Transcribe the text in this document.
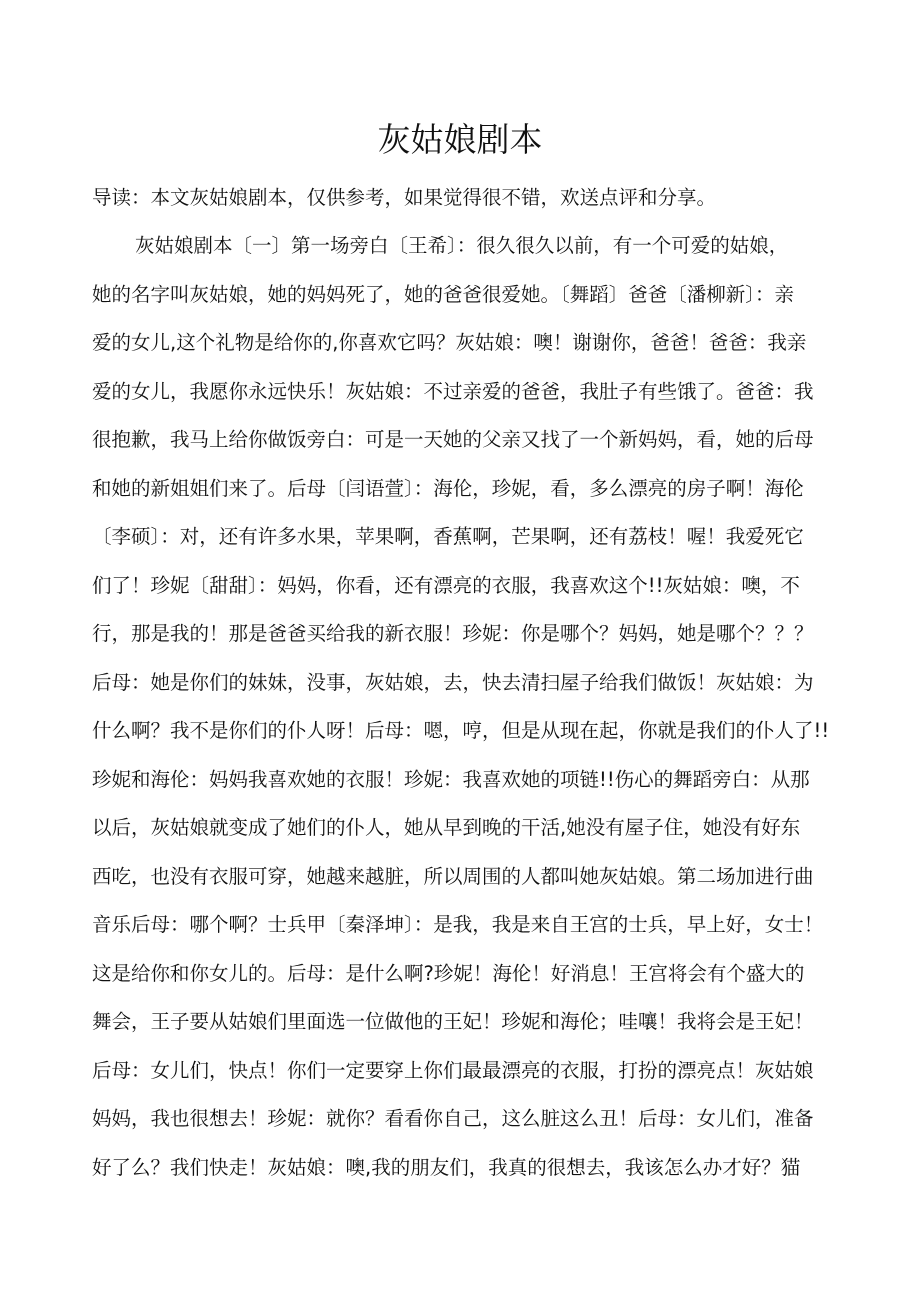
灰姑娘剧本

导读：本文灰姑娘剧本，仅供参考，如果觉得很不错，欢送点评和分享。

灰姑娘剧本〔一〕第一场旁白〔王希〕：很久很久以前，有一个可爱的姑娘，
她的名字叫灰姑娘，她的妈妈死了，她的爸爸很爱她。〔舞蹈〕爸爸〔潘柳新〕：亲
爱的女儿,这个礼物是给你的,你喜欢它吗？灰姑娘：噢！谢谢你，爸爸！爸爸：我亲
爱的女儿，我愿你永远快乐！灰姑娘：不过亲爱的爸爸，我肚子有些饿了。爸爸：我
很抱歉，我马上给你做饭旁白：可是一天她的父亲又找了一个新妈妈，看，她的后母
和她的新姐姐们来了。后母〔闫语萱〕：海伦，珍妮，看，多么漂亮的房子啊！海伦
〔李硕〕：对，还有许多水果，苹果啊，香蕉啊，芒果啊，还有荔枝！喔！我爱死它
们了！珍妮〔甜甜〕：妈妈，你看，还有漂亮的衣服，我喜欢这个!!灰姑娘：噢，不
行，那是我的！那是爸爸买给我的新衣服！珍妮：你是哪个？妈妈，她是哪个？？？
后母：她是你们的妹妹，没事，灰姑娘，去，快去清扫屋子给我们做饭！灰姑娘：为
什么啊？我不是你们的仆人呀！后母：嗯，哼，但是从现在起，你就是我们的仆人了!!
珍妮和海伦：妈妈我喜欢她的衣服！珍妮：我喜欢她的项链!!伤心的舞蹈旁白：从那
以后，灰姑娘就变成了她们的仆人，她从早到晚的干活,她没有屋子住，她没有好东
西吃，也没有衣服可穿，她越来越脏，所以周围的人都叫她灰姑娘。第二场加进行曲
音乐后母：哪个啊？士兵甲〔秦泽坤〕：是我，我是来自王宫的士兵，早上好，女士！
这是给你和你女儿的。后母：是什么啊?珍妮！海伦！好消息！王宫将会有个盛大的
舞会，王子要从姑娘们里面选一位做他的王妃！珍妮和海伦；哇嚷！我将会是王妃！
后母：女儿们，快点！你们一定要穿上你们最最漂亮的衣服，打扮的漂亮点！灰姑娘
妈妈，我也很想去！珍妮：就你？看看你自己，这么脏这么丑！后母：女儿们，准备
好了么？我们快走！灰姑娘：噢,我的朋友们，我真的很想去，我该怎么办才好？猫
